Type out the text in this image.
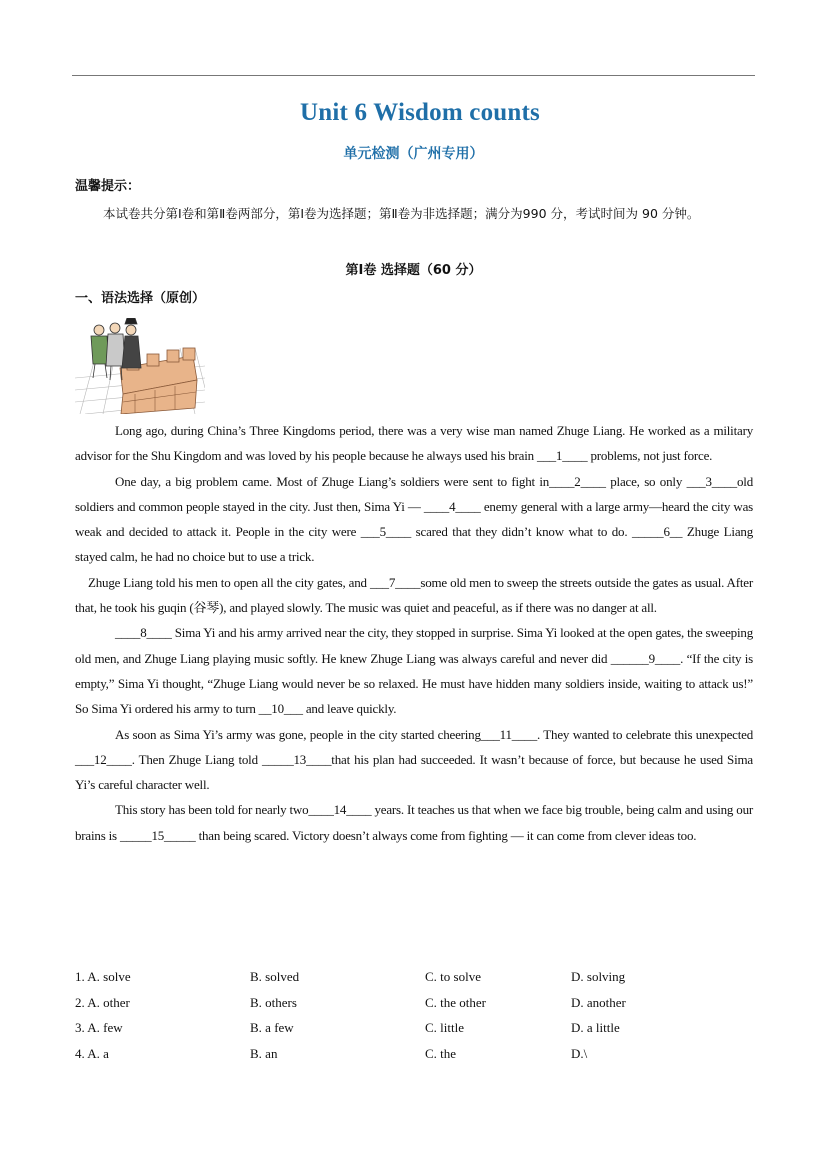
Unit 6 Wisdom counts
单元检测（广州专用）
温馨提示：
本试卷共分第Ⅰ卷和第Ⅱ卷两部分，第Ⅰ卷为选择题；第Ⅱ卷为非选择题；满分为990 分，考试时间为 90 分钟。
第Ⅰ卷 选择题（60 分）
一、语法选择（原创）

Long ago, during China’s Three Kingdoms period, there was a very wise man named Zhuge Liang. He worked as a military advisor for the Shu Kingdom and was loved by his people because he always used his brain ___1____ problems, not just force.

One day, a big problem came. Most of Zhuge Liang’s soldiers were sent to fight in____2____ place, so only ___3____old soldiers and common people stayed in the city. Just then, Sima Yi — ____4____ enemy general with a large army—heard the city was weak and decided to attack it. People in the city were ___5____ scared that they didn’t know what to do. _____6__ Zhuge Liang stayed calm, he had no choice but to use a trick.

Zhuge Liang told his men to open all the city gates, and ___7____some old men to sweep the streets outside the gates as usual. After that, he took his guqin (谷琴), and played slowly. The music was quiet and peaceful, as if there was no danger at all.

____8____ Sima Yi and his army arrived near the city, they stopped in surprise. Sima Yi looked at the open gates, the sweeping old men, and Zhuge Liang playing music softly. He knew Zhuge Liang was always careful and never did ______9____. “If the city is empty,” Sima Yi thought, “Zhuge Liang would never be so relaxed. He must have hidden many soldiers inside, waiting to attack us!” So Sima Yi ordered his army to turn __10___ and leave quickly.

As soon as Sima Yi’s army was gone, people in the city started cheering___11____. They wanted to celebrate this unexpected ___12____. Then Zhuge Liang told _____13____that his plan had succeeded. It wasn’t because of force, but because he used Sima Yi’s careful character well.

This story has been told for nearly two____14____ years. It teaches us that when we face big trouble, being calm and using our brains is _____15_____ than being scared. Victory doesn’t always come from fighting — it can come from clever ideas too.

1. A. solve	B. solved	C. to solve	D. solving
2. A. other	B. others	C. the other	D. another
3. A. few	B. a few	C. little	D. a little
4. A. a	B. an	C. the	D.\
